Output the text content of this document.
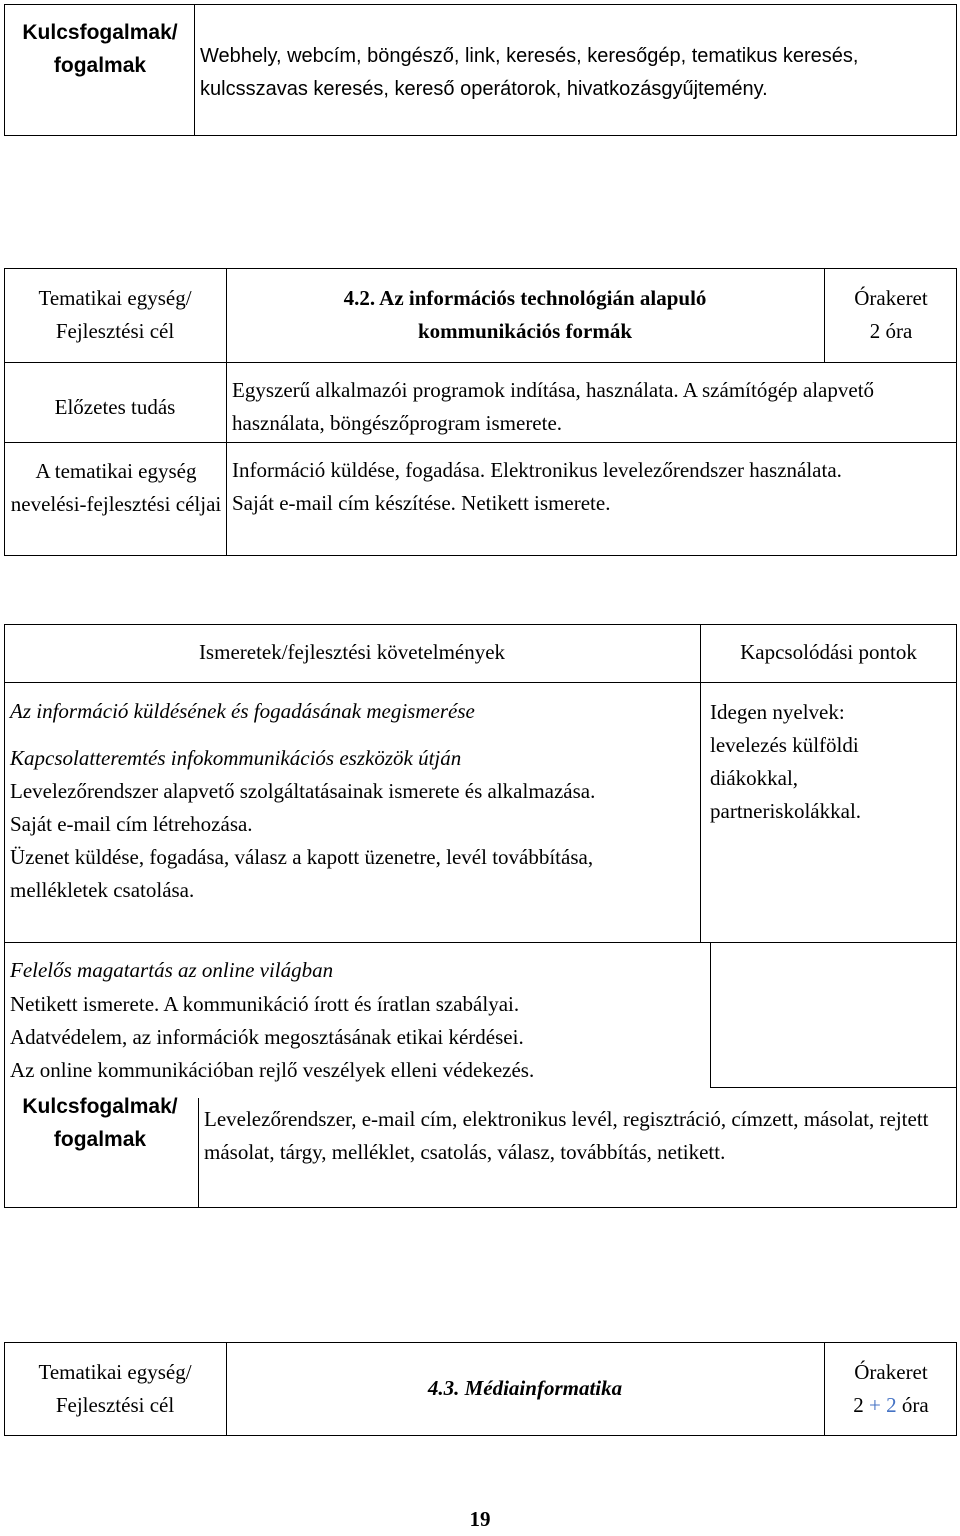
Kulcsfogalmak/ fogalmak	Webhely, webcím, böngésző, link, keresés, keresőgép, tematikus keresés, kulcsszavas keresés, kereső operátorok, hivatkozásgyűjtemény.
Tematikai egység/ Fejlesztési cél
4.2. Az információs technológián alapuló kommunikációs formák
Órakeret
2 óra
Előzetes tudás
Egyszerű alkalmazói programok indítása, használata. A számítógép alapvető használata, böngészőprogram ismerete.
A tematikai egység nevelési-fejlesztési céljai
Információ küldése, fogadása. Elektronikus levelezőrendszer használata. Saját e-mail cím készítése. Netikett ismerete.
Ismeretek/fejlesztési követelmények	Kapcsolódási pontok
Az információ küldésének és fogadásának megismerése
Kapcsolatteremtés infokommunikációs eszközök útján
Levelezőrendszer alapvető szolgáltatásainak ismerete és alkalmazása.
Saját e-mail cím létrehozása.
Üzenet küldése, fogadása, válasz a kapott üzenetre, levél továbbítása, mellékletek csatolása.
Idegen nyelvek: levelezés külföldi diákokkal, partneriskolákkal.
Felelős magatartás az online világban
Netikett ismerete. A kommunikáció írott és íratlan szabályai.
Adatvédelem, az információk megosztásának etikai kérdései.
Az online kommunikációban rejlő veszélyek elleni védekezés.
Kulcsfogalmak/ fogalmak
Levelezőrendszer, e-mail cím, elektronikus levél, regisztráció, címzett, másolat, rejtett másolat, tárgy, melléklet, csatolás, válasz, továbbítás, netikett.
Tematikai egység/ Fejlesztési cél
4.3. Médiainformatika
Órakeret
2 + 2 óra
19
